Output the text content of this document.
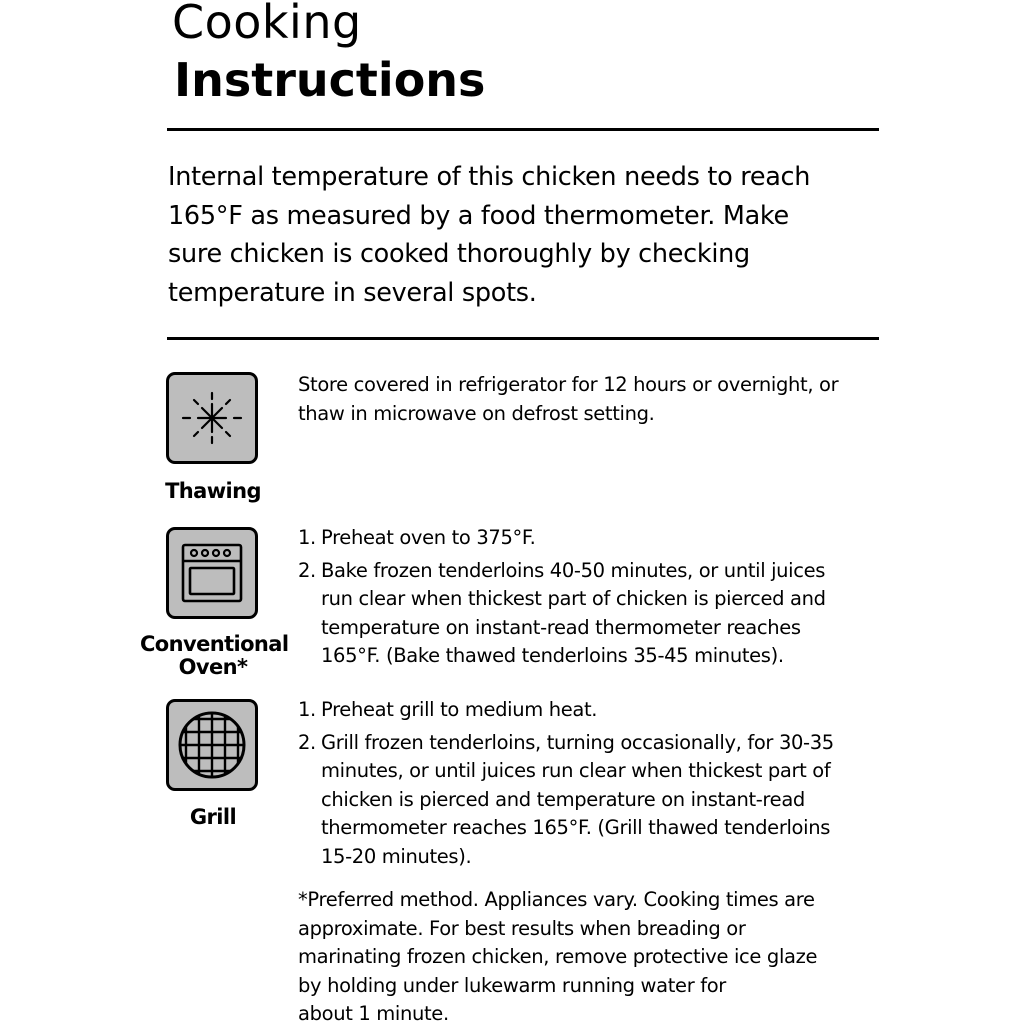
Cooking
Instructions
Internal temperature of this chicken needs to reach
165°F as measured by a food thermometer. Make
sure chicken is cooked thoroughly by checking
temperature in several spots.
Thawing
Store covered in refrigerator for 12 hours or overnight, or
thaw in microwave on defrost setting.
Conventional
Oven*
1. Preheat oven to 375°F.
2. Bake frozen tenderloins 40-50 minutes, or until juices
run clear when thickest part of chicken is pierced and
temperature on instant-read thermometer reaches
165°F. (Bake thawed tenderloins 35-45 minutes).
Grill
1. Preheat grill to medium heat.
2. Grill frozen tenderloins, turning occasionally, for 30-35
minutes, or until juices run clear when thickest part of
chicken is pierced and temperature on instant-read
thermometer reaches 165°F. (Grill thawed tenderloins
15-20 minutes).
*Preferred method. Appliances vary. Cooking times are
approximate. For best results when breading or
marinating frozen chicken, remove protective ice glaze
by holding under lukewarm running water for
about 1 minute.
